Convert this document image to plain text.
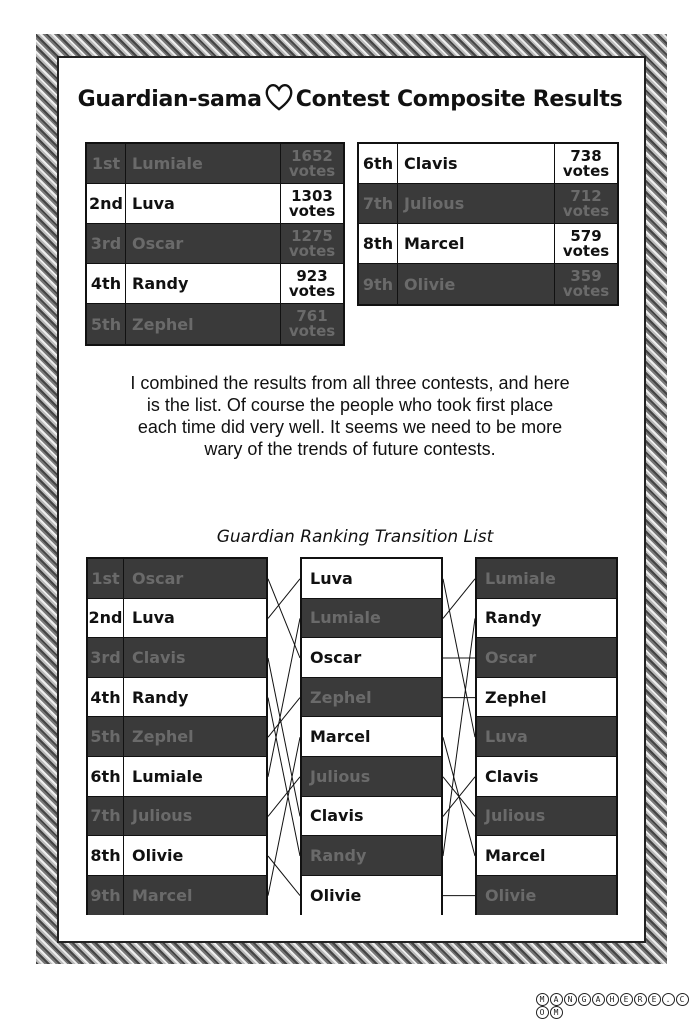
Guardian-sama Contest Composite Results
1st Lumiale	1652
votes
2nd Luva	1303
votes
3rd Oscar	1275
votes
4th Randy	923
votes
5th Zephel	761
votes
6th Clavis	738
votes
7th Julious	712
votes
8th Marcel	579
votes
9th Olivie	359
votes
I combined the results from all three contests, and here is the list. Of course the people who took first place each time did very well. It seems we need to be more wary of the trends of future contests.
Guardian Ranking Transition List
1st Oscar
2nd Luva
3rd Clavis
4th Randy
5th Zephel
6th Lumiale
7th Julious
8th Olivie
9th Marcel
Luva
Lumiale
Oscar
Zephel
Marcel
Julious
Clavis
Randy
Olivie
Lumiale
Randy
Oscar
Zephel
Luva
Clavis
Julious
Marcel
Olivie
M A N G A H E R E . CO M
